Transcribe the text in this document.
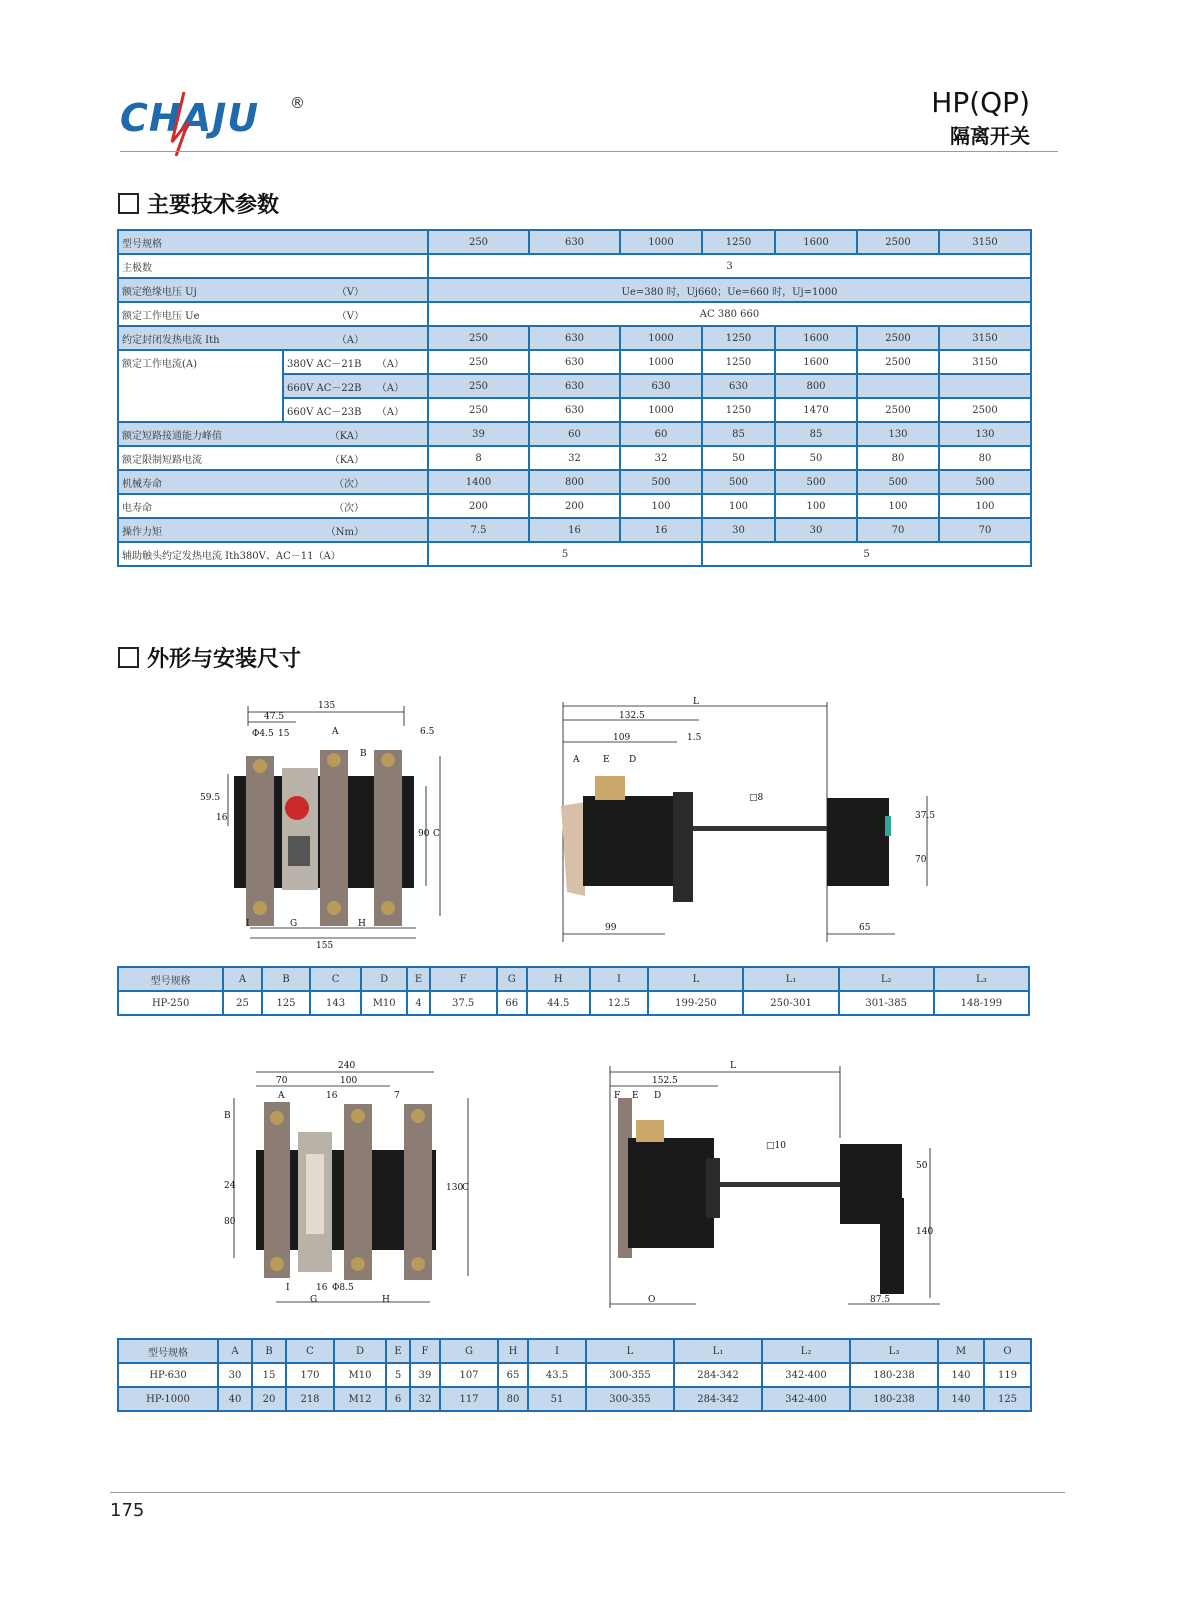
CHAJU ®	HP(QP)
隔离开关
主要技术参数
型号规格		250	630	1000	1250	1600	2500	3150
主极数		3						

额定绝缘电压 Uj （V）		Ue=380 时，Uj660；Ue=660 时，Uj=1000						

额定工作电压 Ue （V）		AC 380 660						

约定封闭发热电流 Ith （A）		250	630	1000	1250	1600	2500	3150
额定工作电流(A)	380V AC－21B （A）	250	630	1000	1250	1600	2500	3150

	660V AC－22B （A）	250	630	630	630	800		

	660V AC－23B （A）	250	630	1000	1250	1470	2500	2500

额定短路接通能力峰值 （KA）		39	60	60	85	85	130	130

额定限制短路电流 （KA）		8	32	32	50	50	80	80

机械寿命 （次）		1400	800	500	500	500	500	500

电寿命 （次）		200	200	100	100	100	100	100

操作力矩 （Nm）		7.5	16	16	30	30	70	70
辅助触头约定发热电流 Ith380V、AC－11（A）		5			5			
外形与安装尺寸
135
47.5
Φ4.5 15	A	6.5
B
59.5
16
90 C
I	G	H
155
L
132.5
109	1.5
A	E D
□8
37.5
70
99	65
型号规格	A	B	C	D	E	F	G	H	I	L	L₁	L₂	L₃
HP-250	25	125	143	M10	4	37.5	66	44.5	12.5	199-250	250-301	301-385	148-199
240
70	100
A	16	7
B
24
80
130
C
I	16 Φ8.5
G	H
L
152.5
F E D
□10
50
140
O	87.5
型号规格	A	B	C	D	E	F	G	H	I	L	L₁	L₂	L₃	M	O
HP-630	30	15	170	M10	5	39	107	65	43.5	300-355	284-342	342-400	180-238	140	119
HP-1000	40	20	218	M12	6	32	117	80	51	300-355	284-342	342-400	180-238	140	125
175
